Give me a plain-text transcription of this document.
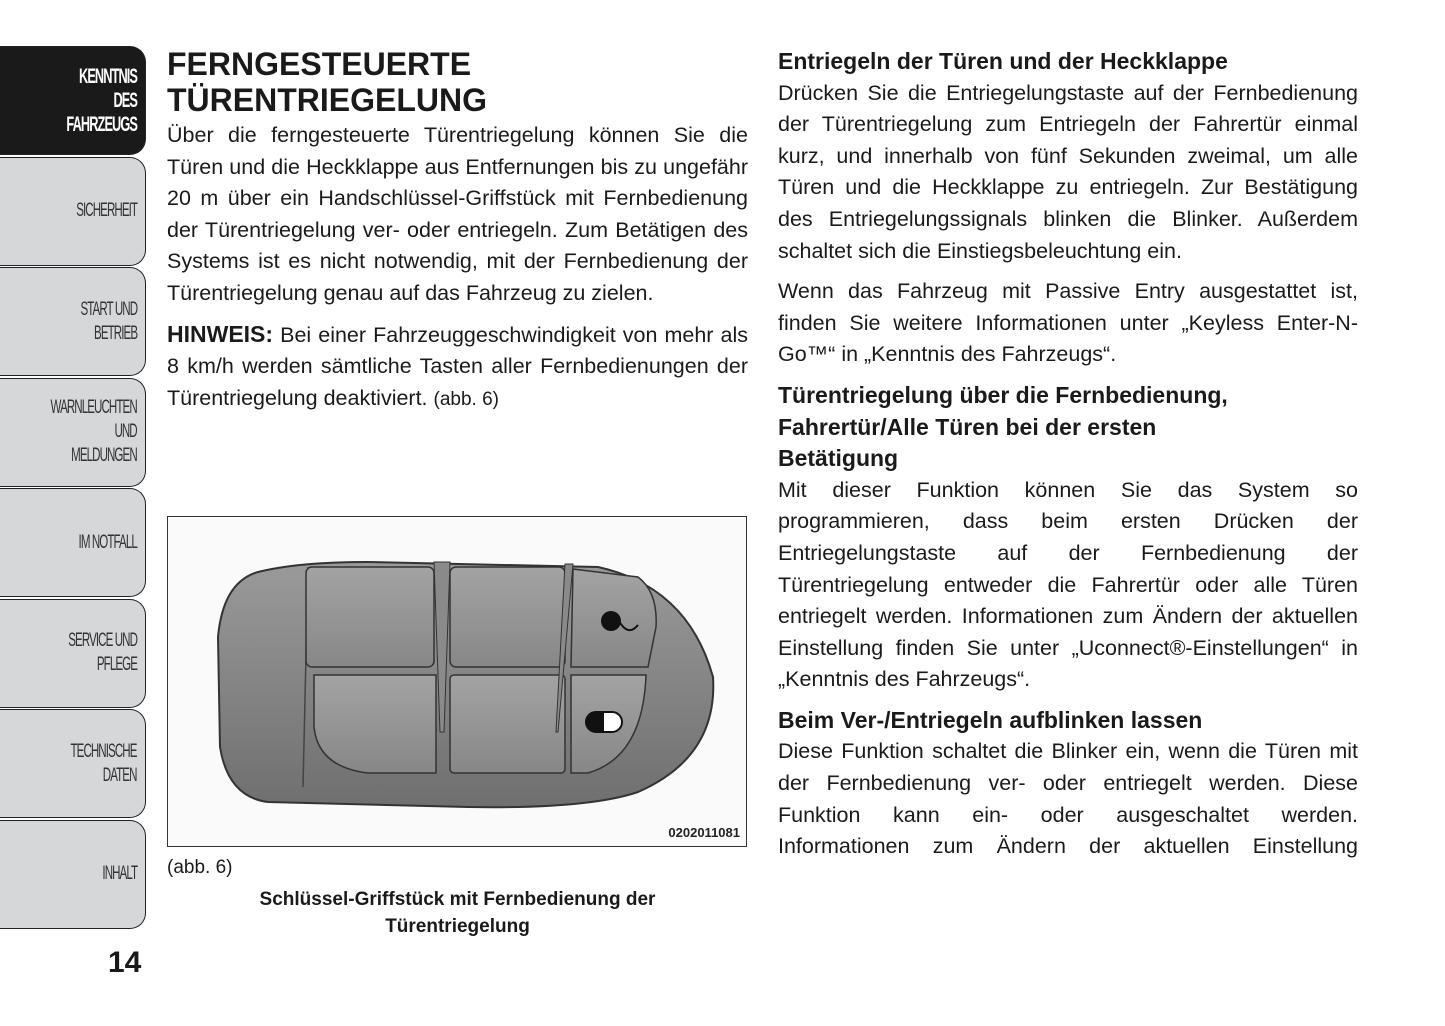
KENNTNIS
DES
FAHRZEUGS
SICHERHEIT
START UND
BETRIEB
WARNLEUCHTEN
UND MELDUNGEN
IM NOTFALL
SERVICE UND
PFLEGE
TECHNISCHE
DATEN
INHALT
14
FERNGESTEUERTE
TÜRENTRIEGELUNG

Über die ferngesteuerte Türentriegelung können Sie die Türen und die Heckklappe aus Entfernungen bis zu ungefähr 20 m über ein Handschlüssel-Griffstück mit Fernbedienung der Türentriegelung ver- oder entriegeln. Zum Betätigen des Systems ist es nicht notwendig, mit der Fernbedienung der Türentriegelung genau auf das Fahrzeug zu zielen.

HINWEIS: Bei einer Fahrzeuggeschwindigkeit von mehr als 8 km/h werden sämtliche Tasten aller Fernbedienungen der Türentriegelung deaktiviert. (abb. 6)

0202011081
(abb. 6)
Schlüssel-Griffstück mit Fernbedienung der
Türentriegelung
Entriegeln der Türen und der Heckklappe

Drücken Sie die Entriegelungstaste auf der Fernbedienung der Türentriegelung zum Entriegeln der Fahrertür einmal kurz, und innerhalb von fünf Sekunden zweimal, um alle Türen und die Heckklappe zu entriegeln. Zur Bestätigung des Entriegelungssignals blinken die Blinker. Außerdem schaltet sich die Einstiegsbeleuchtung ein.

Wenn das Fahrzeug mit Passive Entry ausgestattet ist, finden Sie weitere Informationen unter „Keyless Enter-N-Go™“ in „Kenntnis des Fahrzeugs“.

Türentriegelung über die Fernbedienung, Fahrertür/Alle Türen bei der ersten Betätigung

Mit dieser Funktion können Sie das System so programmieren, dass beim ersten Drücken der Entriegelungstaste auf der Fernbedienung der Türentriegelung entweder die Fahrertür oder alle Türen entriegelt werden. Informationen zum Ändern der aktuellen Einstellung finden Sie unter „Uconnect®-Einstellungen“ in „Kenntnis des Fahrzeugs“.

Beim Ver-/Entriegeln aufblinken lassen

Diese Funktion schaltet die Blinker ein, wenn die Türen mit der Fernbedienung ver- oder entriegelt werden. Diese Funktion kann ein- oder ausgeschaltet werden. Informationen zum Ändern der aktuellen Einstellung
